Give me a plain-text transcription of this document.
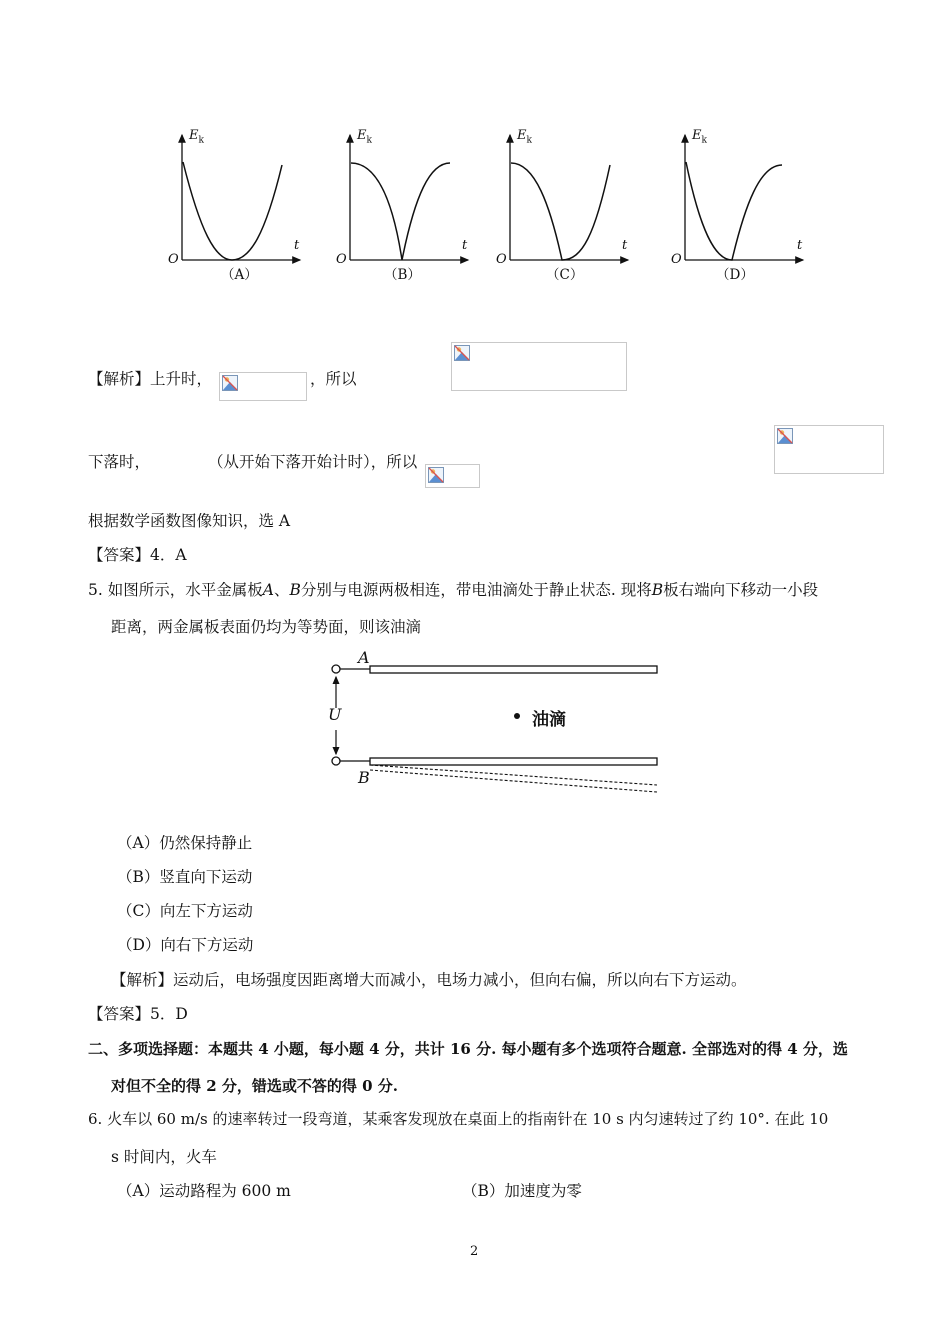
$E_k$
t
O
（A）
$E_k$
t
O
（B）
$E_k$
t
O
（C）
$E_k$
t
O
（D）
【解析】上升时，
	，所以

下落时，
	（从开始下落开始计时），所以
根据数学函数图像知识，选 A
【答案】4．A
5. 如图所示，水平金属板A、B分别与电源两极相连，带电油滴处于静止状态. 现将B板右端向下移动一小段
距离，两金属板表面仍均为等势面，则该油滴
A
B
U	油滴
（A）仍然保持静止
（B）竖直向下运动
（C）向左下方运动
（D）向右下方运动
【解析】运动后，电场强度因距离增大而减小，电场力减小，但向右偏，所以向右下方运动。
【答案】5．D
二、多项选择题：本题共 4 小题，每小题 4 分，共计 16 分. 每小题有多个选项符合题意. 全部选对的得 4 分，选
对但不全的得 2 分，错选或不答的得 0 分.
6. 火车以 60 m/s 的速率转过一段弯道，某乘客发现放在桌面上的指南针在 10 s 内匀速转过了约 10°. 在此 10
s 时间内，火车
（A）运动路程为 600 m	（B）加速度为零
2
